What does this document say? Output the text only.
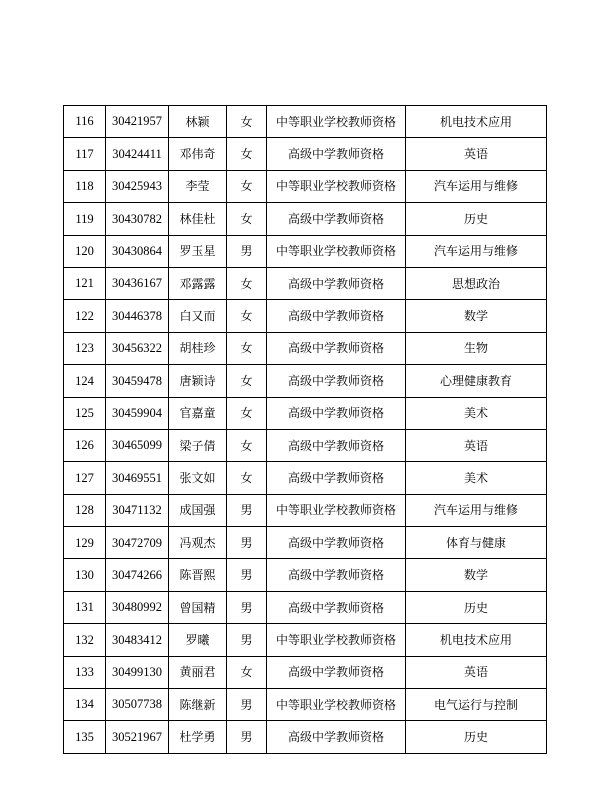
116	30421957	林颖	女	中等职业学校教师资格	机电技术应用
117	30424411	邓伟奇	女	高级中学教师资格	英语
118	30425943	李莹	女	中等职业学校教师资格	汽车运用与维修
119	30430782	林佳杜	女	高级中学教师资格	历史
120	30430864	罗玉星	男	中等职业学校教师资格	汽车运用与维修
121	30436167	邓露露	女	高级中学教师资格	思想政治
122	30446378	白又而	女	高级中学教师资格	数学
123	30456322	胡桂珍	女	高级中学教师资格	生物
124	30459478	唐颖诗	女	高级中学教师资格	心理健康教育
125	30459904	官嘉童	女	高级中学教师资格	美术
126	30465099	梁子倩	女	高级中学教师资格	英语
127	30469551	张文如	女	高级中学教师资格	美术
128	30471132	成国强	男	中等职业学校教师资格	汽车运用与维修
129	30472709	冯观杰	男	高级中学教师资格	体育与健康
130	30474266	陈晋熙	男	高级中学教师资格	数学
131	30480992	曾国精	男	高级中学教师资格	历史
132	30483412	罗曦	男	中等职业学校教师资格	机电技术应用
133	30499130	黄丽君	女	高级中学教师资格	英语
134	30507738	陈继新	男	中等职业学校教师资格	电气运行与控制
135	30521967	杜学勇	男	高级中学教师资格	历史
